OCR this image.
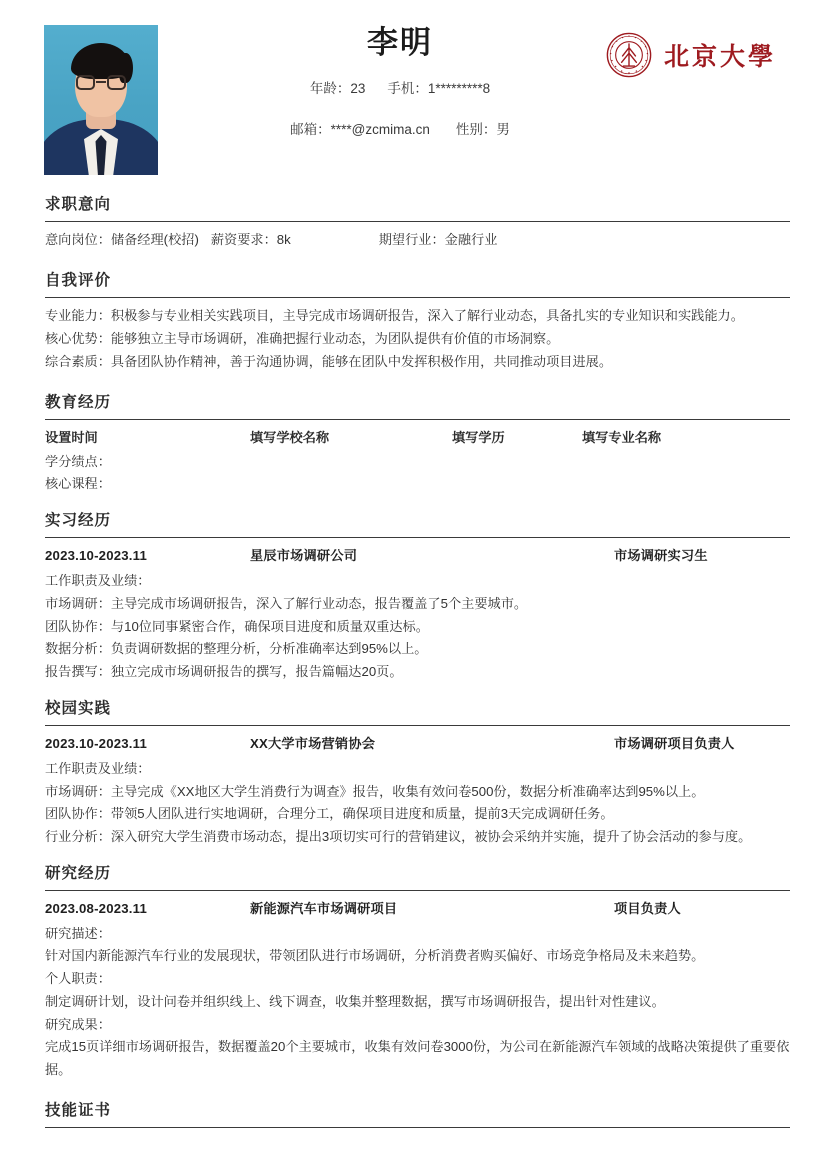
李明
年龄：23 手机：1*********8
邮箱：****@zcmima.cn 性别：男
北京大學
求职意向

意向岗位：储备经理(校招) 薪资要求：8k	期望行业：金融行业

自我评价

专业能力：积极参与专业相关实践项目，主导完成市场调研报告，深入了解行业动态，具备扎实的专业知识和实践能力。

核心优势：能够独立主导市场调研，准确把握行业动态，为团队提供有价值的市场洞察。

综合素质：具备团队协作精神，善于沟通协调，能够在团队中发挥积极作用，共同推动项目进展。

教育经历
设置时间	填写学校名称	填写学历	填写专业名称

学分绩点：

核心课程：

实习经历
2023.10-2023.11	星辰市场调研公司	市场调研实习生

工作职责及业绩：

市场调研：主导完成市场调研报告，深入了解行业动态，报告覆盖了5个主要城市。

团队协作：与10位同事紧密合作，确保项目进度和质量双重达标。

数据分析：负责调研数据的整理分析，分析准确率达到95%以上。

报告撰写：独立完成市场调研报告的撰写，报告篇幅达20页。

校园实践
2023.10-2023.11	XX大学市场营销协会	市场调研项目负责人

工作职责及业绩：

市场调研：主导完成《XX地区大学生消费行为调查》报告，收集有效问卷500份，数据分析准确率达到95%以上。

团队协作：带领5人团队进行实地调研，合理分工，确保项目进度和质量，提前3天完成调研任务。

行业分析：深入研究大学生消费市场动态，提出3项切实可行的营销建议，被协会采纳并实施，提升了协会活动的参与度。

研究经历
2023.08-2023.11	新能源汽车市场调研项目	项目负责人

研究描述：

针对国内新能源汽车行业的发展现状，带领团队进行市场调研，分析消费者购买偏好、市场竞争格局及未来趋势。

个人职责：

制定调研计划，设计问卷并组织线上、线下调查，收集并整理数据，撰写市场调研报告，提出针对性建议。

研究成果：

完成15页详细市场调研报告，数据覆盖20个主要城市，收集有效问卷3000份，为公司在新能源汽车领域的战略决策提供了重要依据。

技能证书
